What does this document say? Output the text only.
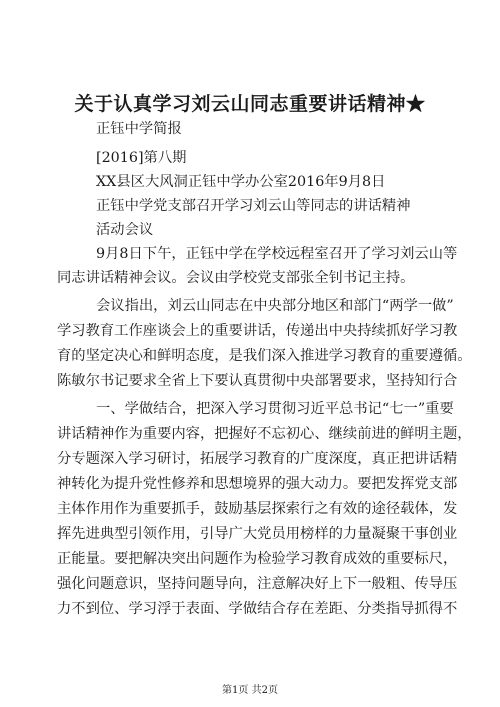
关于认真学习刘云山同志重要讲话精神★
正钰中学简报
[2016]第八期
XX县区大风洞正钰中学办公室2016年9月8日
正钰中学党支部召开学习刘云山等同志的讲话精神
活动会议
9月8日下午，正钰中学在学校远程室召开了学习刘云山等
同志讲话精神会议。会议由学校党支部张全钊书记主持。
会议指出，刘云山同志在中央部分地区和部门“两学一做”
学习教育工作座谈会上的重要讲话，传递出中央持续抓好学习教
育的坚定决心和鲜明态度，是我们深入推进学习教育的重要遵循。
陈敏尔书记要求全省上下要认真贯彻中央部署要求，坚持知行合
一、学做结合，把深入学习贯彻习近平总书记“七一”重要
讲话精神作为重要内容，把握好不忘初心、继续前进的鲜明主题，
分专题深入学习研讨，拓展学习教育的广度深度，真正把讲话精
神转化为提升党性修养和思想境界的强大动力。要把发挥党支部
主体作用作为重要抓手，鼓励基层探索行之有效的途径载体，发
挥先进典型引领作用，引导广大党员用榜样的力量凝聚干事创业
正能量。要把解决突出问题作为检验学习教育成效的重要标尺，
强化问题意识，坚持问题导向，注意解决好上下一般粗、传导压
力不到位、学习浮于表面、学做结合存在差距、分类指导抓得不
第1页 共2页
